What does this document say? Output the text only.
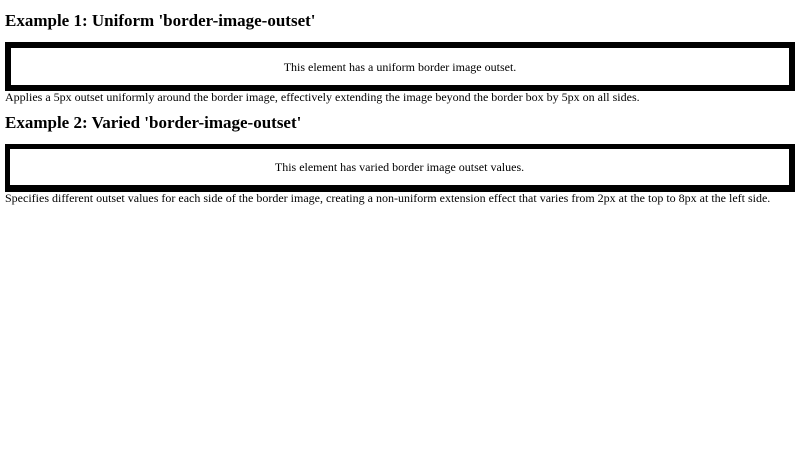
Example 1: Uniform 'border-image-outset'
This element has a uniform border image outset.

Applies a 5px outset uniformly around the border image, effectively extending the image beyond the border box by 5px on all sides.

Example 2: Varied 'border-image-outset'
This element has varied border image outset values.

Specifies different outset values for each side of the border image, creating a non-uniform extension effect that varies from 2px at the top to 8px at the left side.
